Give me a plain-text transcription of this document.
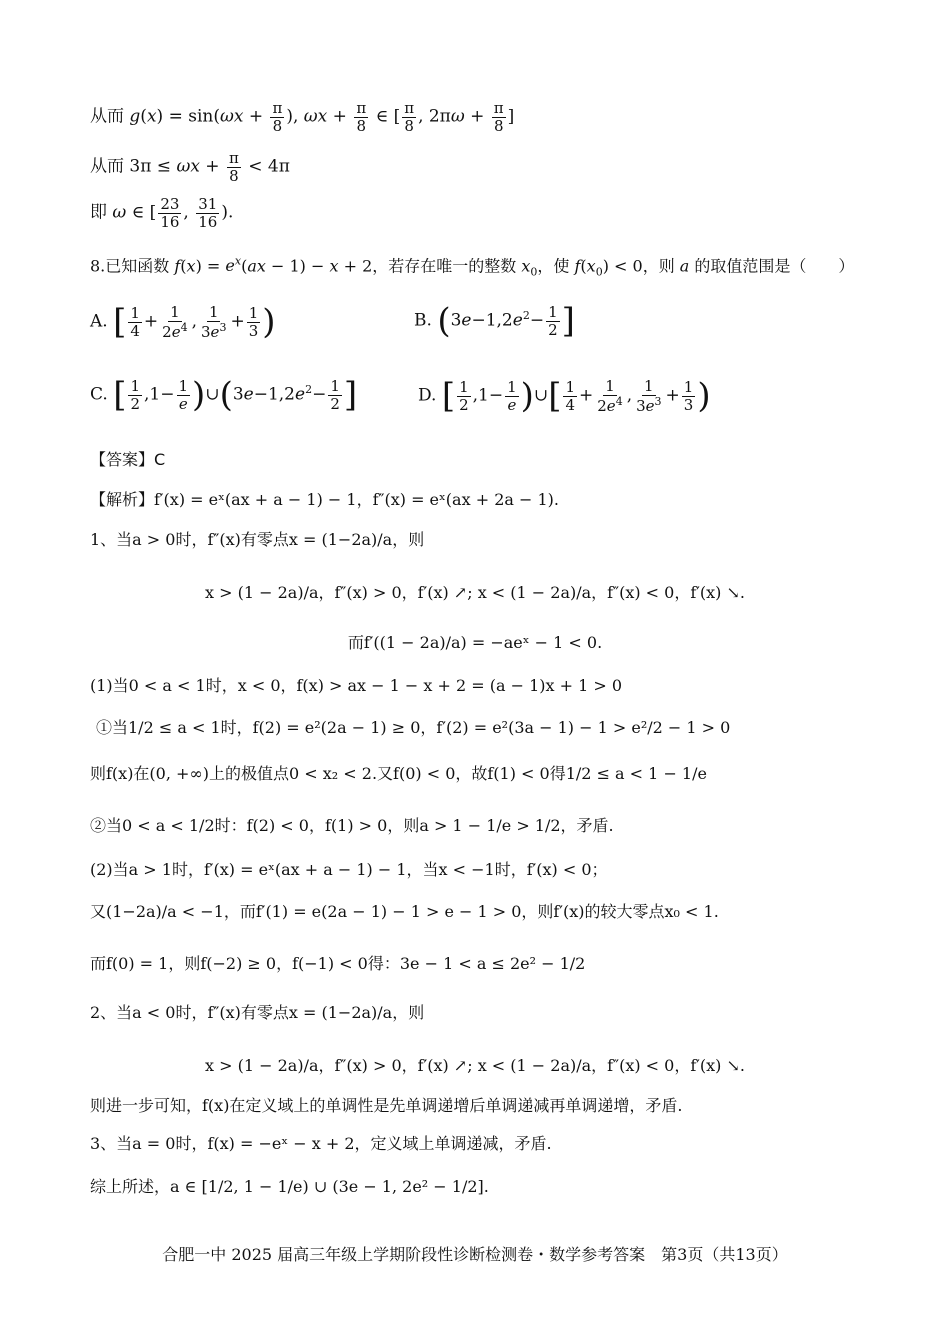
从而 $g(x) = \sin(\omega x + \frac{\pi}{8}$ ), $\omega x + \frac{\pi}{8}$ ∈ [ $\frac{\pi}{8}$ , $2\pi\omega + \frac{\pi}{8}$ ]
从而 $3\pi \le \omega x + \frac{\pi}{8} < 4\pi$
即 ω ∈ [ $\frac{23}{16}$ , $\frac{31}{16}$ ).
8.已知函数 $f(x) = e^x(ax - 1) - x + 2$，若存在唯一的整数 $x_0$，使 $f(x_0) < 0$，则 a 的取值范围是（　　）
A. [ $\frac{1}{4} + \frac{1}{2e^4}$ , $\frac{1}{3e^3} + \frac{1}{3}$ )	B. ($3e-1,2e^2- \frac{1}{2}$ ]
C. [ $\frac{1}{2} ,1- \frac{1}{e}$ )$\cup(3e-1,2e^2- \frac{1}{2}$ ]	D. [ $\frac{1}{2} ,1- \frac{1}{e}$ )∪[ $\frac{1}{4} + \frac{1}{2e^4}$ , $\frac{1}{3e^3} + \frac{1}{3}$ )
【答案】C
【解析】f′(x) = eˣ(ax + a − 1) − 1，f″(x) = eˣ(ax + 2a − 1).
1、当a > 0时，f″(x)有零点x = (1−2a)/a，则
x > (1 − 2a)/a，f″(x) > 0，f′(x) ↗; x < (1 − 2a)/a，f″(x) < 0，f′(x) ↘.
而f′((1 − 2a)/a) = −aeˣ − 1 < 0.
(1)当0 < a < 1时，x < 0，f(x) > ax − 1 − x + 2 = (a − 1)x + 1 > 0
①当1/2 ≤ a < 1时，f(2) = e²(2a − 1) ≥ 0，f′(2) = e²(3a − 1) − 1 > e²/2 − 1 > 0
则f(x)在(0, +∞)上的极值点0 < x₂ < 2.又f(0) < 0，故f(1) < 0得1/2 ≤ a < 1 − 1/e
②当0 < a < 1/2时：f(2) < 0，f(1) > 0，则a > 1 − 1/e > 1/2，矛盾.
(2)当a > 1时，f′(x) = eˣ(ax + a − 1) − 1，当x < −1时，f′(x) < 0；
又(1−2a)/a < −1，而f′(1) = e(2a − 1) − 1 > e − 1 > 0，则f′(x)的较大零点x₀ < 1.
而f(0) = 1，则f(−2) ≥ 0，f(−1) < 0得：3e − 1 < a ≤ 2e² − 1/2
2、当a < 0时，f″(x)有零点x = (1−2a)/a，则
x > (1 − 2a)/a，f″(x) > 0，f′(x) ↗; x < (1 − 2a)/a，f″(x) < 0，f′(x) ↘.
则进一步可知，f(x)在定义域上的单调性是先单调递增后单调递减再单调递增，矛盾.
3、当a = 0时，f(x) = −eˣ − x + 2，定义域上单调递减，矛盾.
综上所述，a ∈ [1/2, 1 − 1/e) ∪ (3e − 1, 2e² − 1/2].
合肥一中 2025 届高三年级上学期阶段性诊断检测卷・数学参考答案　第3页（共13页）
